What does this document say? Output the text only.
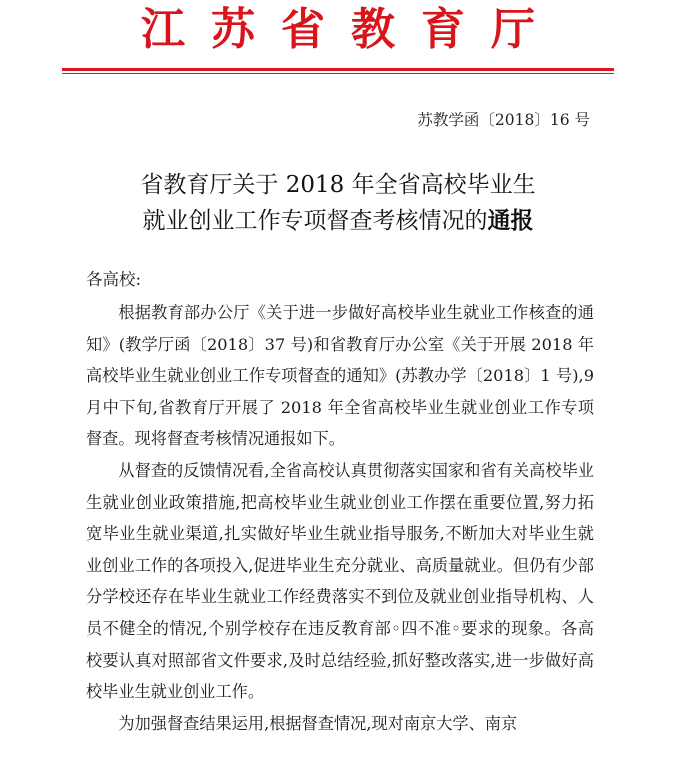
江苏省教育厅
苏教学函〔2018〕16 号
省教育厅关于 2018 年全省高校毕业生
就业创业工作专项督查考核情况的通报
各高校:

根据教育部办公厅《关于进一步做好高校毕业生就业工作核查的通知》(教学厅函〔2018〕37 号)和省教育厅办公室《关于开展 2018 年高校毕业生就业创业工作专项督查的通知》(苏教办学〔2018〕1 号),9 月中下旬,省教育厅开展了 2018 年全省高校毕业生就业创业工作专项督查。现将督查考核情况通报如下。

从督查的反馈情况看,全省高校认真贯彻落实国家和省有关高校毕业生就业创业政策措施,把高校毕业生就业创业工作摆在重要位置,努力拓宽毕业生就业渠道,扎实做好毕业生就业指导服务,不断加大对毕业生就业创业工作的各项投入,促进毕业生充分就业、高质量就业。但仍有少部分学校还存在毕业生就业工作经费落实不到位及就业创业指导机构、人员不健全的情况,个别学校存在违反教育部◦四不准◦要求的现象。各高校要认真对照部省文件要求,及时总结经验,抓好整改落实,进一步做好高校毕业生就业创业工作。

为加强督查结果运用,根据督查情况,现对南京大学、南京
